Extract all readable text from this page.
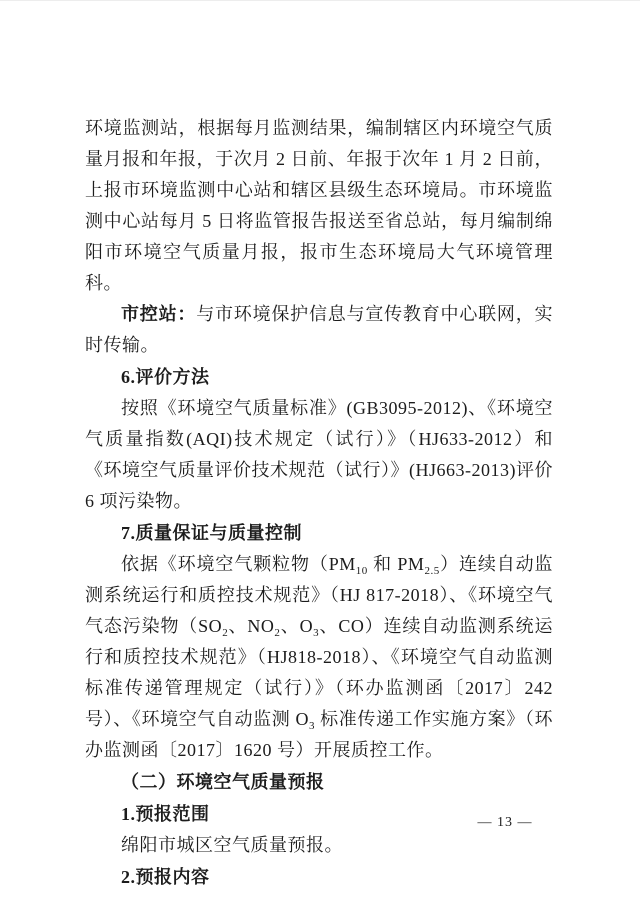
环境监测站，根据每月监测结果，编制辖区内环境空气质量月报和年报，于次月 2 日前、年报于次年 1 月 2 日前，上报市环境监测中心站和辖区县级生态环境局。市环境监测中心站每月 5 日将监管报告报送至省总站，每月编制绵阳市环境空气质量月报，报市生态环境局大气环境管理科。

市控站：与市环境保护信息与宣传教育中心联网，实时传输。

6.评价方法

按照《环境空气质量标准》(GB3095-2012)、《环境空气质量指数(AQI)技术规定（试行）》（HJ633-2012）和《环境空气质量评价技术规范（试行）》(HJ663-2013)评价 6 项污染物。

7.质量保证与质量控制

依据《环境空气颗粒物（$PM_{10}$ 和 $PM_{2.5}$）连续自动监测系统运行和质控技术规范》（HJ 817-2018）、《环境空气气态污染物（$SO_2$、$NO_2$、$O_3$、CO）连续自动监测系统运行和质控技术规范》（HJ818-2018）、《环境空气自动监测标准传递管理规定（试行）》（环办监测函〔2017〕242 号）、《环境空气自动监测 $O_3$ 标准传递工作实施方案》（环办监测函〔2017〕1620 号）开展质控工作。

（二）环境空气质量预报

1.预报范围

绵阳市城区空气质量预报。

2.预报内容

— 13 —
